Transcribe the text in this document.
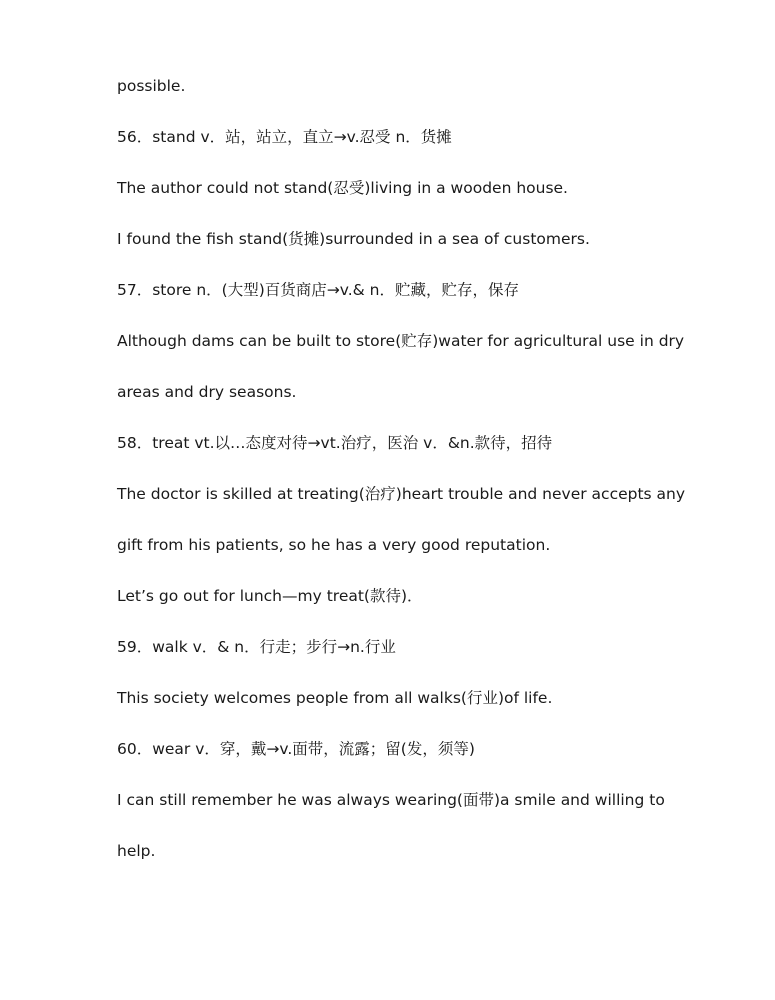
possible.

56．stand v．站，站立，直立→v.忍受 n．货摊

The author could not stand(忍受)living in a wooden house.

I found the fish stand(货摊)surrounded in a sea of customers.

57．store n．(大型)百货商店→v.& n．贮藏，贮存，保存

Although dams can be built to store(贮存)water for agricultural use in dry

areas and dry seasons.

58．treat vt.以…态度对待→vt.治疗，医治 v．&n.款待，招待

The doctor is skilled at treating(治疗)heart trouble and never accepts any

gift from his patients, so he has a very good reputation.

Let’s go out for lunch—my treat(款待)．

59．walk v．& n．行走；步行→n.行业

This society welcomes people from all walks(行业)of life.

60．wear v．穿，戴→v.面带，流露；留(发，须等)

I can still remember he was always wearing(面带)a smile and willing to

help.
